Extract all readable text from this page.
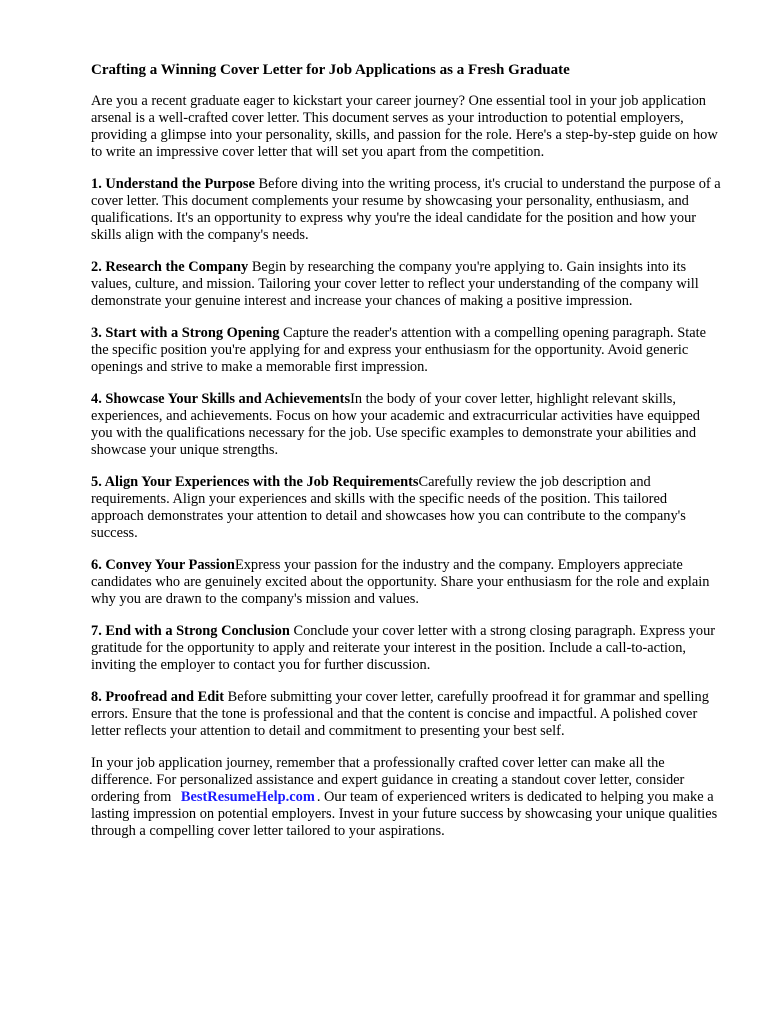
Crafting a Winning Cover Letter for Job Applications as a Fresh Graduate

Are you a recent graduate eager to kickstart your career journey? One essential tool in your job application arsenal is a well-crafted cover letter. This document serves as your introduction to potential employers, providing a glimpse into your personality, skills, and passion for the role. Here's a step-by-step guide on how to write an impressive cover letter that will set you apart from the competition.

1. Understand the Purpose Before diving into the writing process, it's crucial to understand the purpose of a cover letter. This document complements your resume by showcasing your personality, enthusiasm, and qualifications. It's an opportunity to express why you're the ideal candidate for the position and how your skills align with the company's needs.

2. Research the Company Begin by researching the company you're applying to. Gain insights into its values, culture, and mission. Tailoring your cover letter to reflect your understanding of the company will demonstrate your genuine interest and increase your chances of making a positive impression.

3. Start with a Strong Opening Capture the reader's attention with a compelling opening paragraph. State the specific position you're applying for and express your enthusiasm for the opportunity. Avoid generic openings and strive to make a memorable first impression.

4. Showcase Your Skills and AchievementsIn the body of your cover letter, highlight relevant skills, experiences, and achievements. Focus on how your academic and extracurricular activities have equipped you with the qualifications necessary for the job. Use specific examples to demonstrate your abilities and showcase your unique strengths.

5. Align Your Experiences with the Job RequirementsCarefully review the job description and requirements. Align your experiences and skills with the specific needs of the position. This tailored approach demonstrates your attention to detail and showcases how you can contribute to the company's success.

6. Convey Your PassionExpress your passion for the industry and the company. Employers appreciate candidates who are genuinely excited about the opportunity. Share your enthusiasm for the role and explain why you are drawn to the company's mission and values.

7. End with a Strong Conclusion Conclude your cover letter with a strong closing paragraph. Express your gratitude for the opportunity to apply and reiterate your interest in the position. Include a call-to-action, inviting the employer to contact you for further discussion.

8. Proofread and Edit Before submitting your cover letter, carefully proofread it for grammar and spelling errors. Ensure that the tone is professional and that the content is concise and impactful. A polished cover letter reflects your attention to detail and commitment to presenting your best self.

In your job application journey, remember that a professionally crafted cover letter can make all the difference. For personalized assistance and expert guidance in creating a standout cover letter, consider ordering from BestResumeHelp.com . Our team of experienced writers is dedicated to helping you make a lasting impression on potential employers. Invest in your future success by showcasing your unique qualities through a compelling cover letter tailored to your aspirations.
